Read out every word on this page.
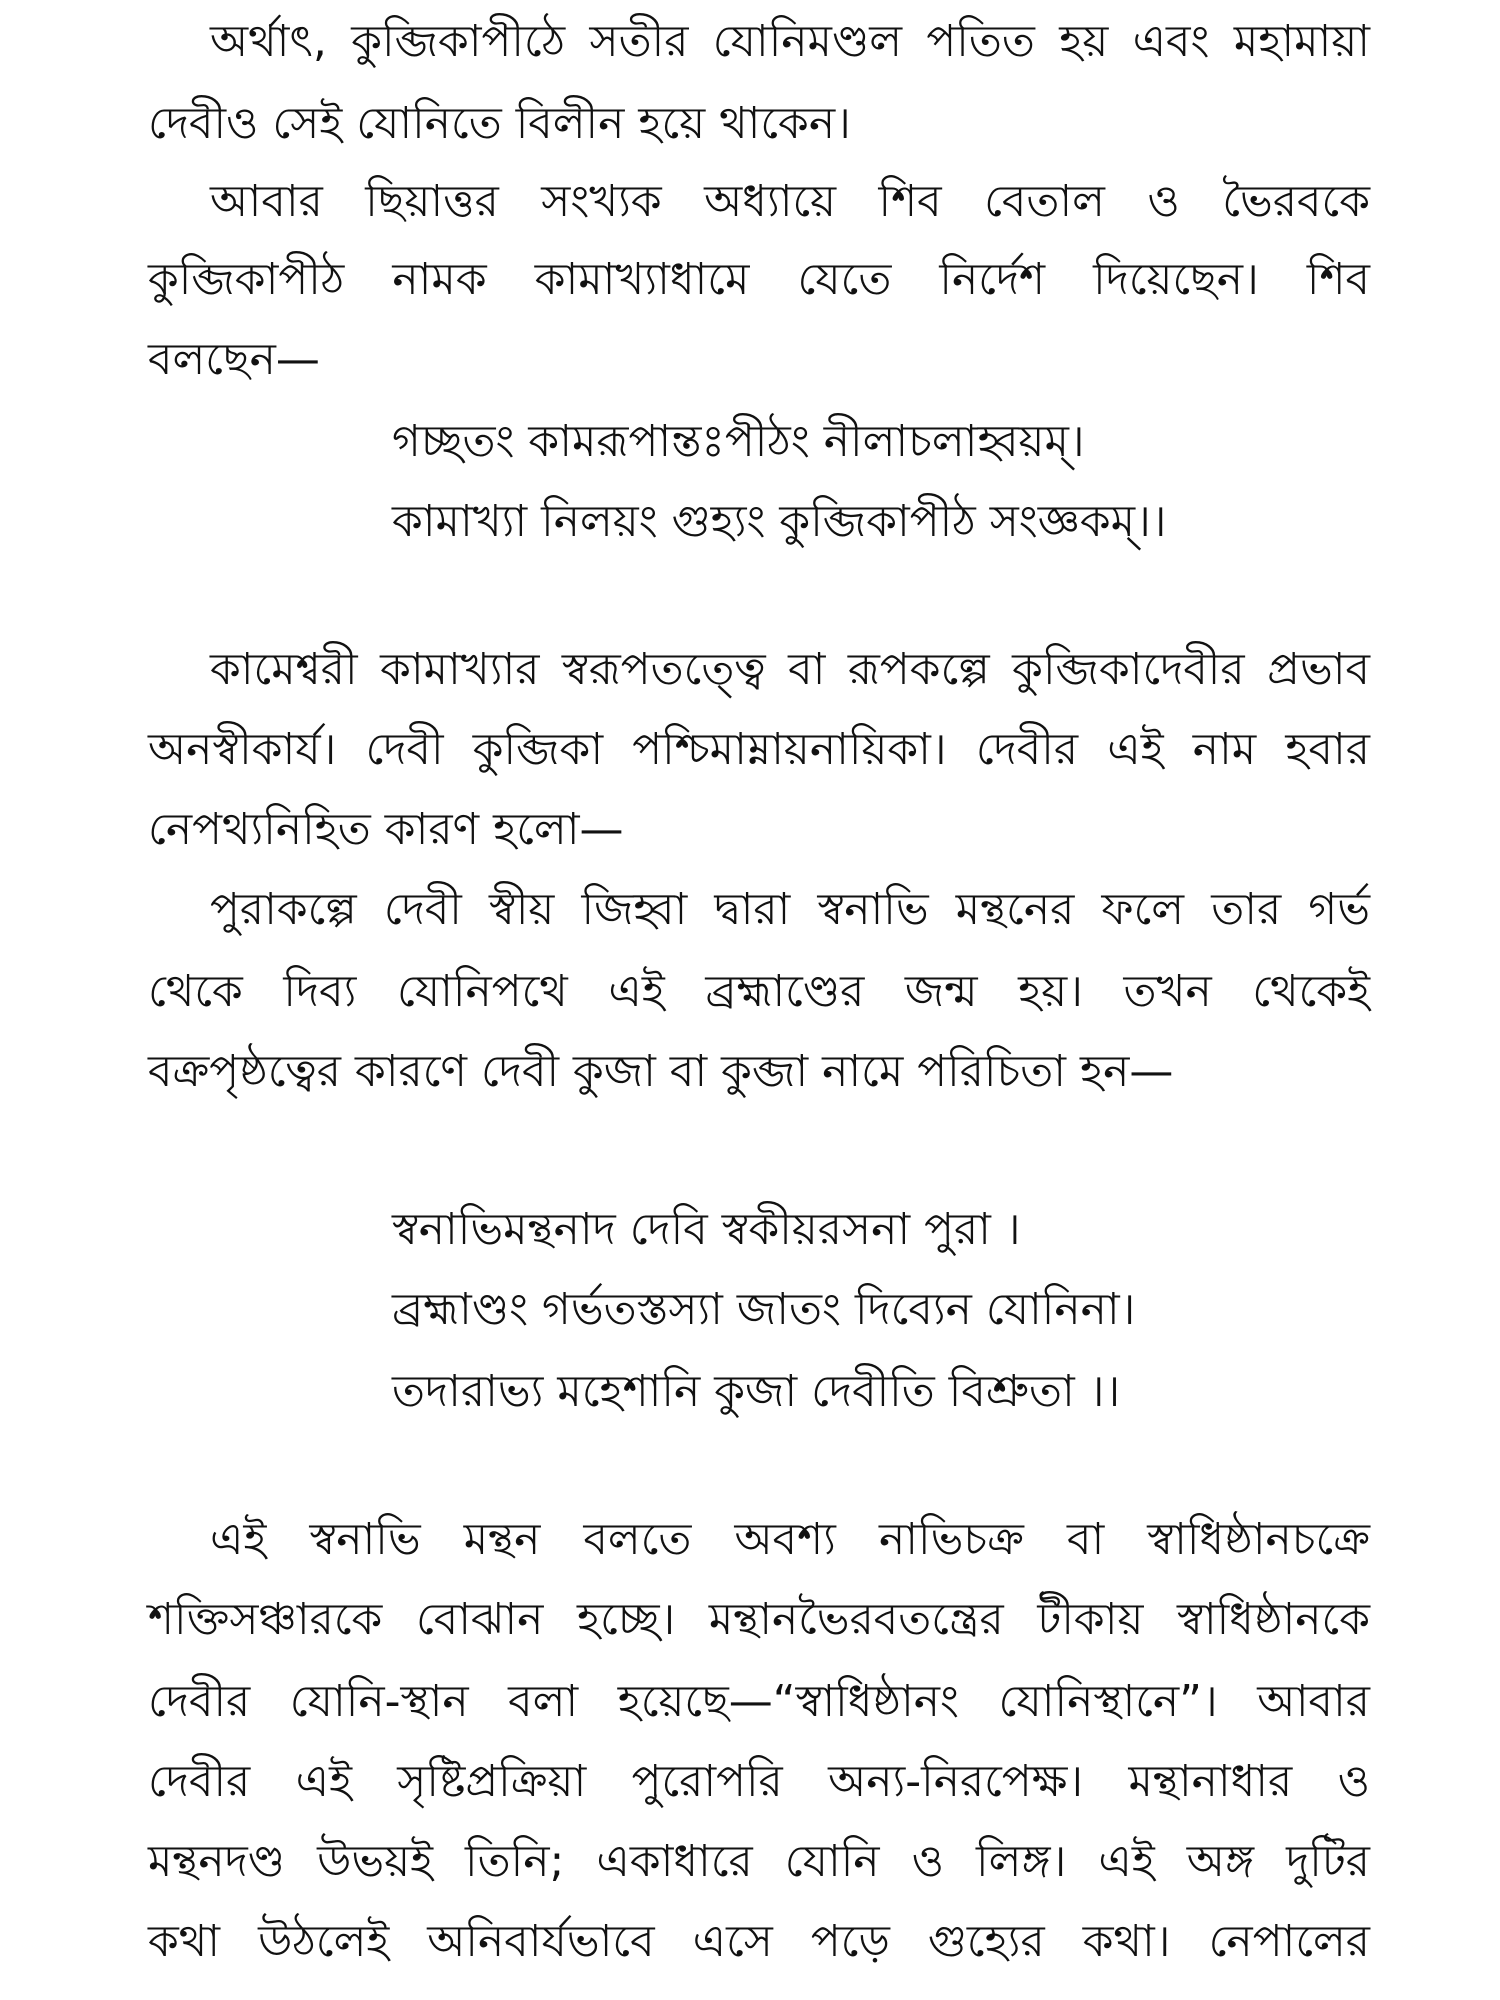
অর্থাৎ, কুব্জিকাপীঠে সতীর যোনিমণ্ডল পতিত হয় এবং মহামায়া

দেবীও সেই যোনিতে বিলীন হয়ে থাকেন।

আবার ছিয়াত্তর সংখ্যক অধ্যায়ে শিব বেতাল ও ভৈরবকে

কুব্জিকাপীঠ নামক কামাখ্যাধামে যেতে নির্দেশ দিয়েছেন। শিব

বলছেন—

গচ্ছতং কামরূপান্তঃপীঠং নীলাচলাহ্বয়ম্।

কামাখ্যা নিলয়ং গুহ্যং কুব্জিকাপীঠ সংজ্ঞকম্।।

কামেশ্বরী কামাখ্যার স্বরূপতত্ত্বে বা রূপকল্পে কুব্জিকাদেবীর প্রভাব

অনস্বীকার্য। দেবী কুব্জিকা পশ্চিমাম্নায়নায়িকা। দেবীর এই নাম হবার

নেপথ্যনিহিত কারণ হলো—

পুরাকল্পে দেবী স্বীয় জিহ্বা দ্বারা স্বনাভি মন্থনের ফলে তার গর্ভ

থেকে দিব্য যোনিপথে এই ব্রহ্মাণ্ডের জন্ম হয়। তখন থেকেই

বক্রপৃষ্ঠত্বের কারণে দেবী কুজা বা কুব্জা নামে পরিচিতা হন—

স্বনাভিমন্থনাদ দেবি স্বকীয়রসনা পুরা ।

ব্রহ্মাণ্ডং গর্ভতস্তস্যা জাতং দিব্যেন যোনিনা।

তদারাভ্য মহেশানি কুজা দেবীতি বিশ্রুতা ।।

এই স্বনাভি মন্থন বলতে অবশ্য নাভিচক্র বা স্বাধিষ্ঠানচক্রে

শক্তিসঞ্চারকে বোঝান হচ্ছে। মন্থানভৈরবতন্ত্রের টীকায় স্বাধিষ্ঠানকে

দেবীর যোনি-স্থান বলা হয়েছে—“স্বাধিষ্ঠানং যোনিস্থানে”। আবার

দেবীর এই সৃষ্টিপ্রক্রিয়া পুরোপরি অন্য-নিরপেক্ষ। মন্থানাধার ও

মন্থনদণ্ড উভয়ই তিনি; একাধারে যোনি ও লিঙ্গ। এই অঙ্গ দুটির

কথা উঠলেই অনিবার্যভাবে এসে পড়ে গুহ্যের কথা। নেপালের
